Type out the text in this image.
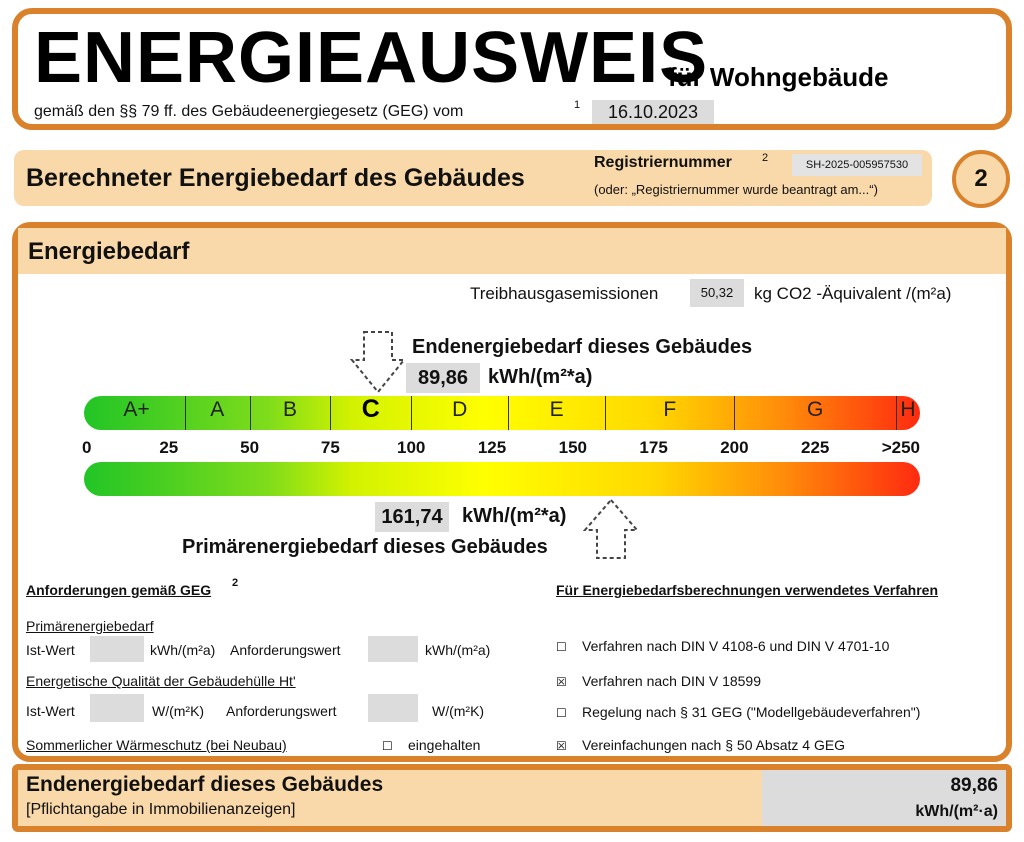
ENERGIEAUSWEIS
für Wohngebäude
gemäß den §§ 79 ff. des Gebäudeenergiegesetz (GEG) vom	1	16.10.2023
Berechneter Energiebedarf des Gebäudes
Registriernummer	2
SH-2025-005957530
(oder: „Registriernummer wurde beantragt am...“)	2
Energiebedarf
Treibhausgasemissionen	50,32	kg CO2 -Äquivalent /(m²a)
Endenergiebedarf dieses Gebäudes
89,86 kWh/(m²*a)
A+	A	B	C	D	E	F	G	H
0	25	50	75	100	125	150	175	200	225	>250
161,74 kWh/(m²*a)
Primärenergiebedarf dieses Gebäudes
Anforderungen gemäß GEG 2
Primärenergiebedarf
Ist-Wert	kWh/(m²a) Anforderungswert	kWh/(m²a)
Energetische Qualität der Gebäudehülle Ht'
Ist-Wert	W/(m²K) Anforderungswert	W/(m²K)
Sommerlicher Wärmeschutz (bei Neubau)	☐ eingehalten
Für Energiebedarfsberechnungen verwendetes Verfahren
☐ Verfahren nach DIN V 4108-6 und DIN V 4701-10
☒ Verfahren nach DIN V 18599
☐ Regelung nach § 31 GEG ("Modellgebäudeverfahren")
☒ Vereinfachungen nach § 50 Absatz 4 GEG
Endenergiebedarf dieses Gebäudes
[Pflichtangabe in Immobilienanzeigen]
89,86
kWh/(m²·a)
